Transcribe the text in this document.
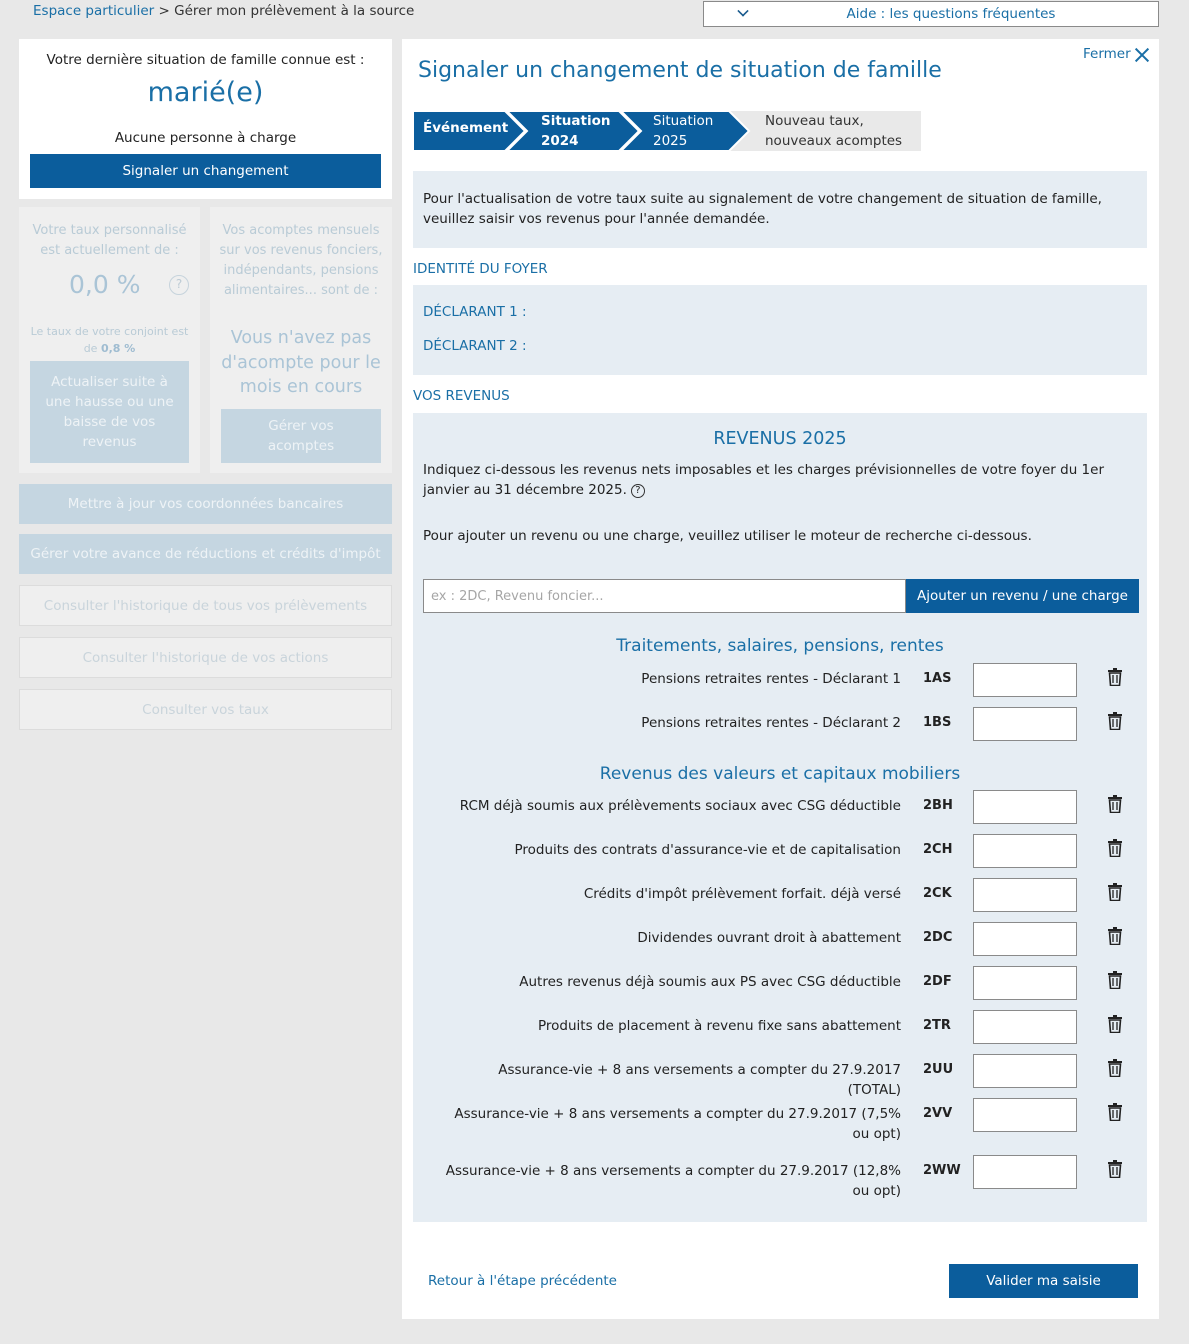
Espace particulier > Gérer mon prélèvement à la source	Aide : les questions fréquentes
Votre dernière situation de famille connue est :
marié(e)
Aucune personne à charge
Signaler un changement
Votre taux personnalisé
est actuellement de :
0,0 %	?
Le taux de votre conjoint est
de 0,8 %
Actualiser suite à une hausse ou une baisse de vos revenus
Vos acomptes mensuels sur vos revenus fonciers, indépendants, pensions alimentaires... sont de :
Vous n'avez pas d'acompte pour le mois en cours
Gérer vos acomptes
Mettre à jour vos coordonnées bancaires
Gérer votre avance de réductions et crédits d'impôt
Consulter l'historique de tous vos prélèvements
Consulter l'historique de vos actions
Consulter vos taux
Fermer
Signaler un changement de situation de famille
Événement Situation
2024
Situation
2025
Nouveau taux,
nouveaux acomptes

Pour l'actualisation de votre taux suite au signalement de votre changement de situation de famille, veuillez saisir vos revenus pour l'année demandée.

IDENTITÉ DU FOYER
DÉCLARANT 1 :
DÉCLARANT 2 :
VOS REVENUS
REVENUS 2025
Indiquez ci-dessous les revenus nets imposables et les charges prévisionnelles de votre foyer du 1er janvier au 31 décembre 2025. ?
Pour ajouter un revenu ou une charge, veuillez utiliser le moteur de recherche ci-dessous.
ex : 2DC, Revenu foncier...
Ajouter un revenu / une charge
Traitements, salaires, pensions, rentes
Pensions retraites rentes - Déclarant 1 1AS
Pensions retraites rentes - Déclarant 2 1BS
Revenus des valeurs et capitaux mobiliers
RCM déjà soumis aux prélèvements sociaux avec CSG déductible 2BH
Produits des contrats d'assurance-vie et de capitalisation 2CH
Crédits d'impôt prélèvement forfait. déjà versé 2CK
Dividendes ouvrant droit à abattement 2DC
Autres revenus déjà soumis aux PS avec CSG déductible 2DF
Produits de placement à revenu fixe sans abattement 2TR
Assurance-vie + 8 ans versements a compter du 27.9.2017 (TOTAL)
2UU
Assurance-vie + 8 ans versements a compter du 27.9.2017 (7,5% ou opt)
2VV
Assurance-vie + 8 ans versements a compter du 27.9.2017 (12,8% ou opt)
2WW
Retour à l'étape précédente	Valider ma saisie
